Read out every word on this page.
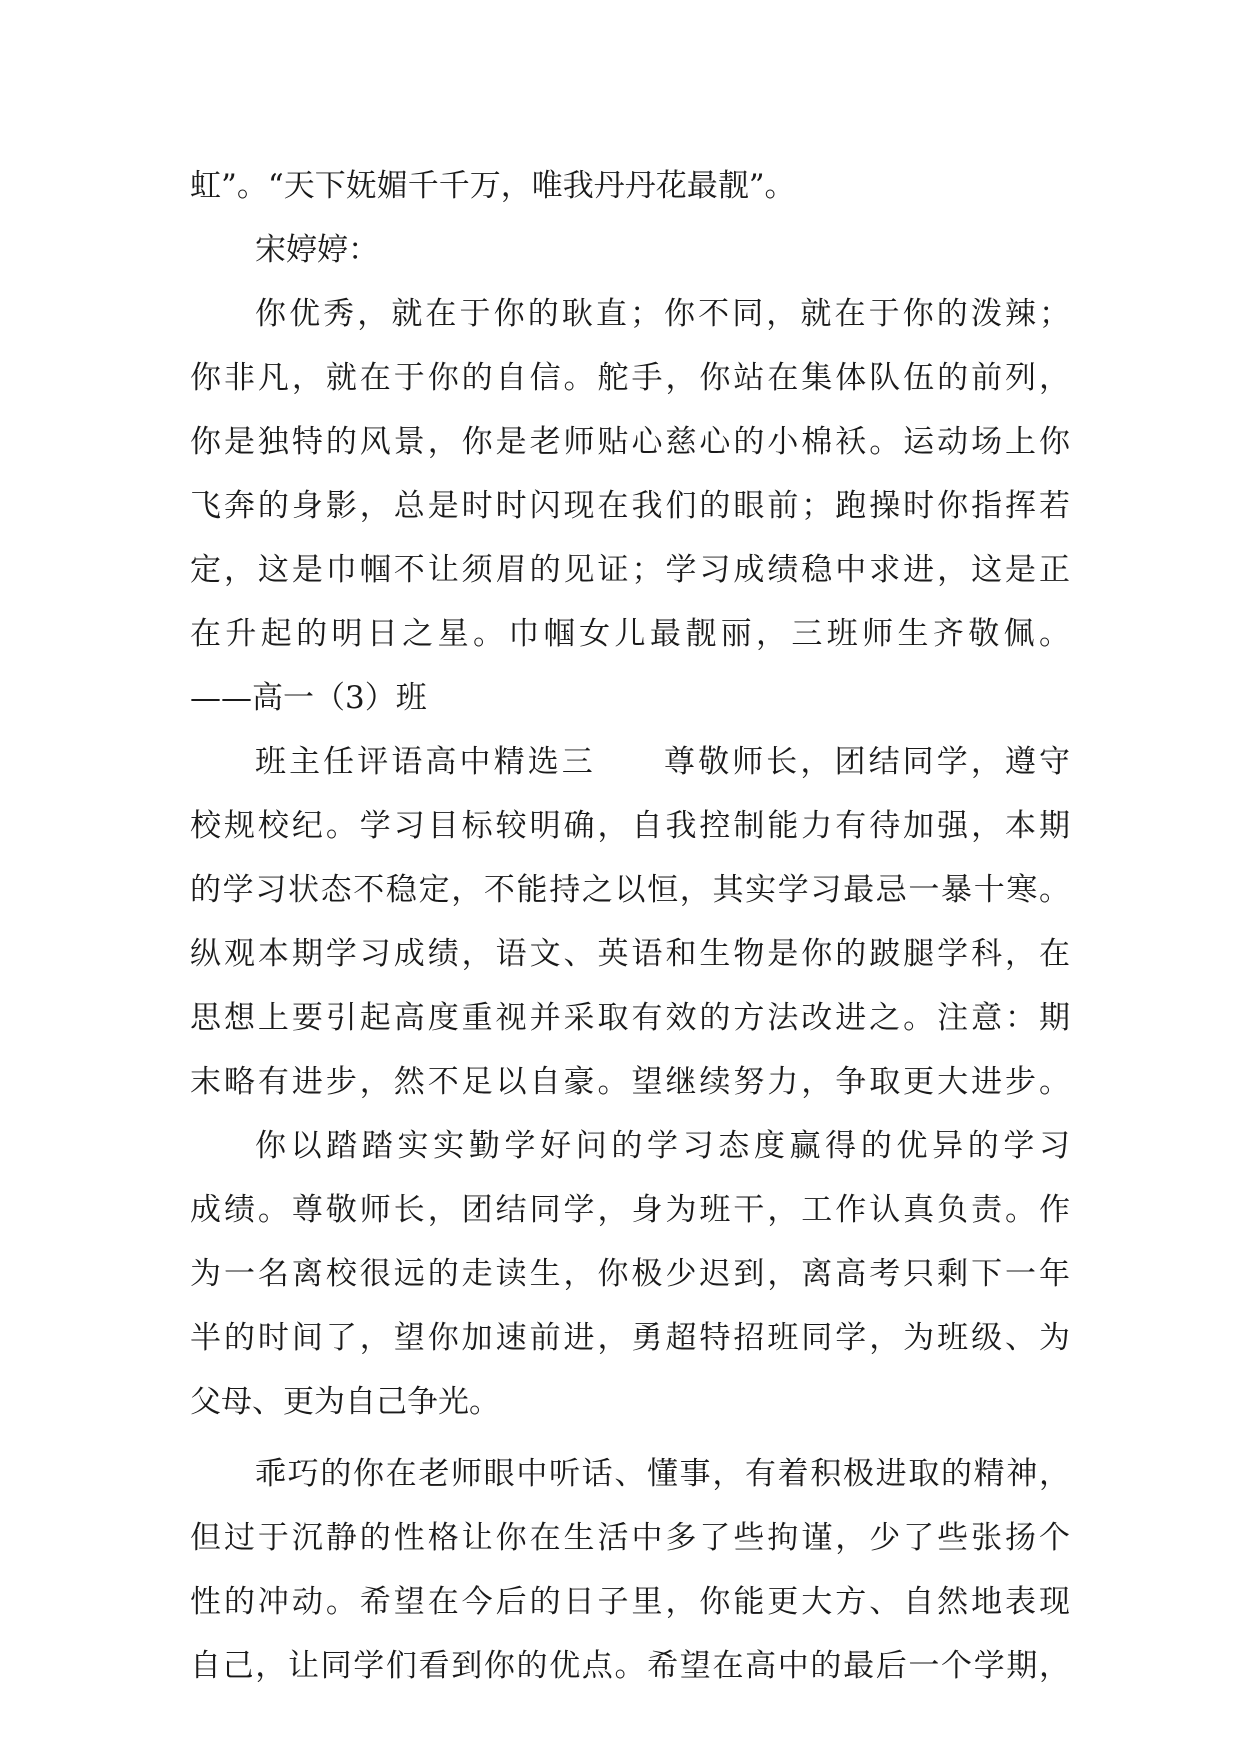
虹”。“天下妩媚千千万，唯我丹丹花最靓”。
宋婷婷：
你优秀，就在于你的耿直；你不同，就在于你的泼辣；
你非凡，就在于你的自信。舵手，你站在集体队伍的前列，
你是独特的风景，你是老师贴心慈心的小棉袄。运动场上你
飞奔的身影，总是时时闪现在我们的眼前；跑操时你指挥若
定，这是巾帼不让须眉的见证；学习成绩稳中求进，这是正
在升起的明日之星。巾帼女儿最靓丽，三班师生齐敬佩。
——高一（3）班
班主任评语高中精选三　　尊敬师长，团结同学，遵守
校规校纪。学习目标较明确，自我控制能力有待加强，本期
的学习状态不稳定，不能持之以恒，其实学习最忌一暴十寒。
纵观本期学习成绩，语文、英语和生物是你的跛腿学科，在
思想上要引起高度重视并采取有效的方法改进之。注意：期
末略有进步，然不足以自豪。望继续努力，争取更大进步。
你以踏踏实实勤学好问的学习态度赢得的优异的学习
成绩。尊敬师长，团结同学，身为班干，工作认真负责。作
为一名离校很远的走读生，你极少迟到，离高考只剩下一年
半的时间了，望你加速前进，勇超特招班同学，为班级、为
父母、更为自己争光。
乖巧的你在老师眼中听话、懂事，有着积极进取的精神，
但过于沉静的性格让你在生活中多了些拘谨，少了些张扬个
性的冲动。希望在今后的日子里，你能更大方、自然地表现
自己，让同学们看到你的优点。希望在高中的最后一个学期，
